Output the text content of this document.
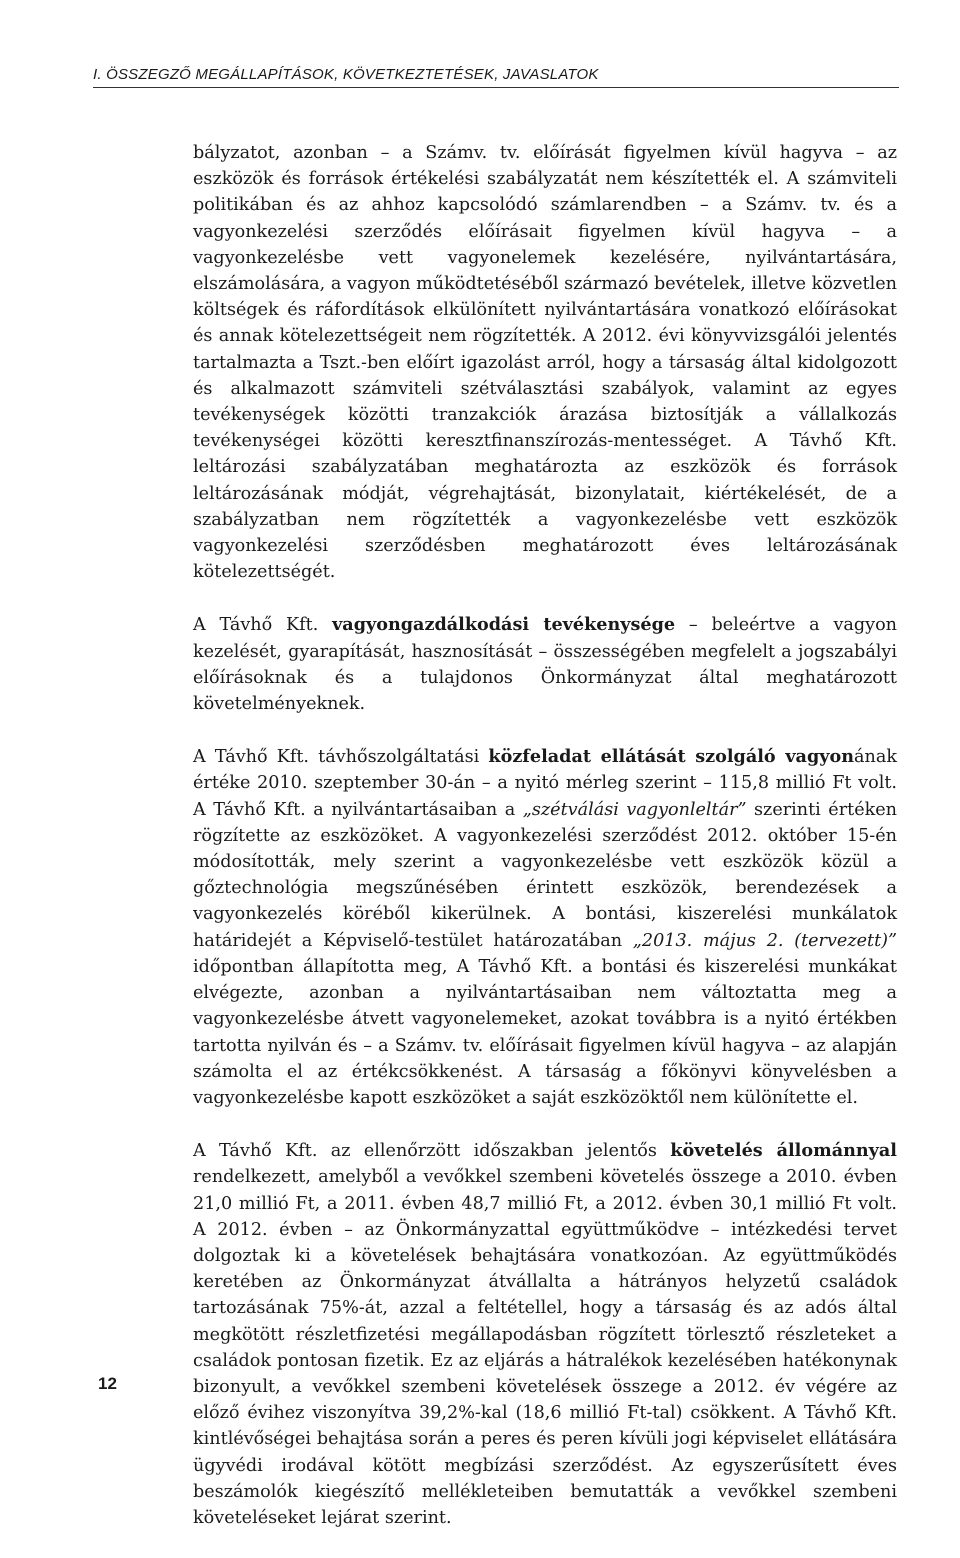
I. ÖSSZEGZŐ MEGÁLLAPÍTÁSOK, KÖVETKEZTETÉSEK, JAVASLATOK

bályzatot, azonban – a Számv. tv. előírását figyelmen kívül hagyva – az eszközök és források értékelési szabályzatát nem készítették el. A számviteli politikában és az ahhoz kapcsolódó számlarendben – a Számv. tv. és a vagyonkezelési szerződés előírásait figyelmen kívül hagyva – a vagyonkezelésbe vett vagyonelemek kezelésére, nyilvántartására, elszámolására, a vagyon működtetéséből származó bevételek, illetve közvetlen költségek és ráfordítások elkülönített nyilvántartására vonatkozó előírásokat és annak kötelezettségeit nem rögzítették. A 2012. évi könyvvizsgálói jelentés tartalmazta a Tszt.-ben előírt igazolást arról, hogy a társaság által kidolgozott és alkalmazott számviteli szétválasztási szabályok, valamint az egyes tevékenységek közötti tranzakciók árazása biztosítják a vállalkozás tevékenységei közötti keresztfinanszírozás-mentességet. A Távhő Kft. leltározási szabályzatában meghatározta az eszközök és források leltározásának módját, végrehajtását, bizonylatait, kiértékelését, de a szabályzatban nem rögzítették a vagyonkezelésbe vett eszközök vagyonkezelési szerződésben meghatározott éves leltározásának kötelezettségét.

A Távhő Kft. vagyongazdálkodási tevékenysége – beleértve a vagyon kezelését, gyarapítását, hasznosítását – összességében megfelelt a jogszabályi előírásoknak és a tulajdonos Önkormányzat által meghatározott követelményeknek.

A Távhő Kft. távhőszolgáltatási közfeladat ellátását szolgáló vagyonának értéke 2010. szeptember 30-án – a nyitó mérleg szerint – 115,8 millió Ft volt. A Távhő Kft. a nyilvántartásaiban a „szétválási vagyonleltár” szerinti értéken rögzítette az eszközöket. A vagyonkezelési szerződést 2012. október 15-én módosították, mely szerint a vagyonkezelésbe vett eszközök közül a gőztechnológia megszűnésében érintett eszközök, berendezések a vagyonkezelés köréből kikerülnek. A bontási, kiszerelési munkálatok határidejét a Képviselő-testület határozatában „2013. május 2. (tervezett)” időpontban állapította meg, A Távhő Kft. a bontási és kiszerelési munkákat elvégezte, azonban a nyilvántartásaiban nem változtatta meg a vagyonkezelésbe átvett vagyonelemeket, azokat továbbra is a nyitó értékben tartotta nyilván és – a Számv. tv. előírásait figyelmen kívül hagyva – az alapján számolta el az értékcsökkenést. A társaság a főkönyvi könyvelésben a vagyonkezelésbe kapott eszközöket a saját eszközöktől nem különítette el.

A Távhő Kft. az ellenőrzött időszakban jelentős követelés állománnyal rendelkezett, amelyből a vevőkkel szembeni követelés összege a 2010. évben 21,0 millió Ft, a 2011. évben 48,7 millió Ft, a 2012. évben 30,1 millió Ft volt. A 2012. évben – az Önkormányzattal együttműködve – intézkedési tervet dolgoztak ki a követelések behajtására vonatkozóan. Az együttműködés keretében az Önkormányzat átvállalta a hátrányos helyzetű családok tartozásának 75%-át, azzal a feltétellel, hogy a társaság és az adós által megkötött részletfizetési megállapodásban rögzített törlesztő részleteket a családok pontosan fizetik. Ez az eljárás a hátralékok kezelésében hatékonynak bizonyult, a vevőkkel szembeni követelések összege a 2012. év végére az előző évihez viszonyítva 39,2%-kal (18,6 millió Ft-tal) csökkent. A Távhő Kft. kintlévőségei behajtása során a peres és peren kívüli jogi képviselet ellátására ügyvédi irodával kötött megbízási szerződést. Az egyszerűsített éves beszámolók kiegészítő mellékleteiben bemutatták a vevőkkel szembeni követeléseket lejárat szerint.

12
